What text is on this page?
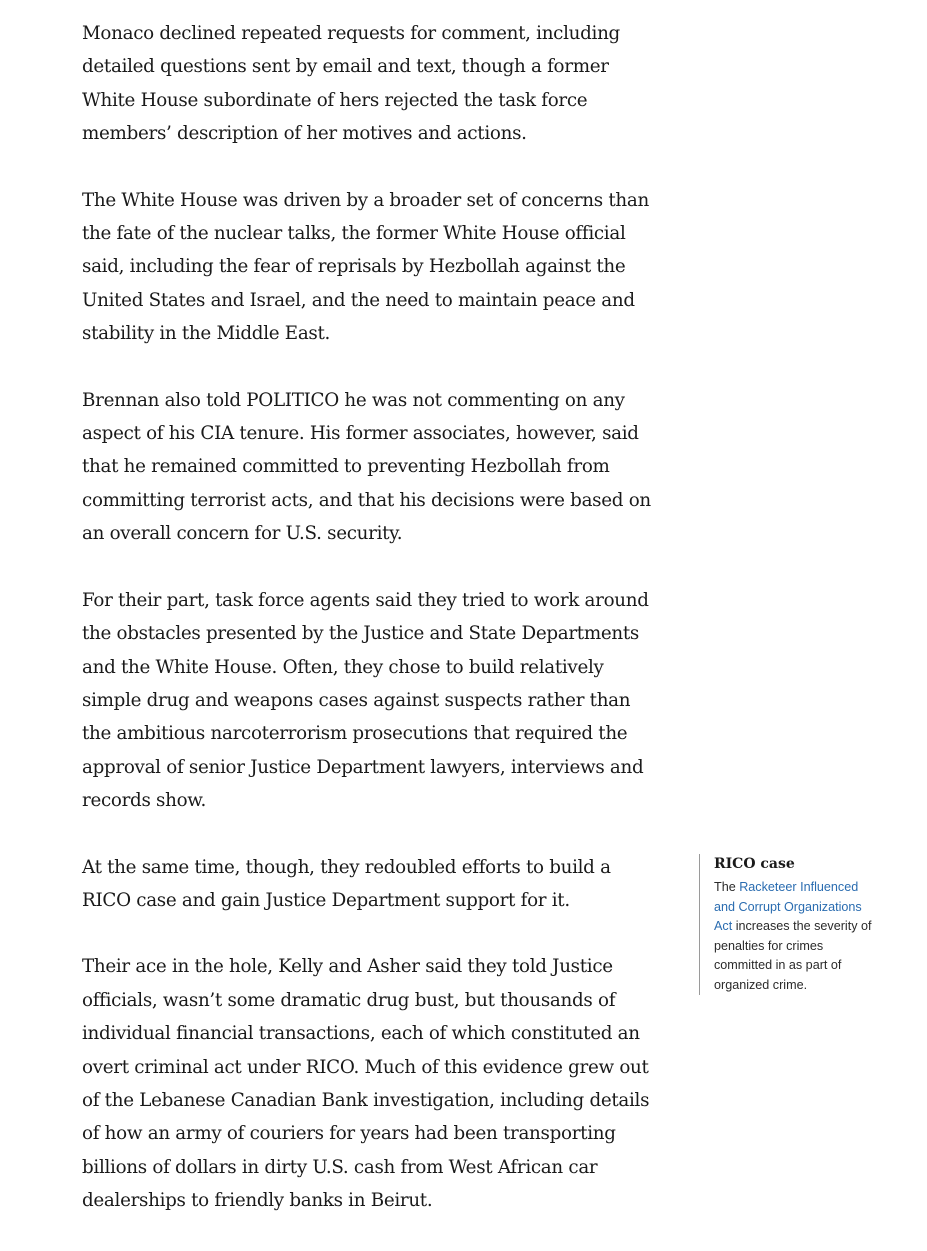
Monaco declined repeated requests for comment, including detailed questions sent by email and text, though a former White House subordinate of hers rejected the task force members’ description of her motives and actions.

The White House was driven by a broader set of concerns than the fate of the nuclear talks, the former White House official said, including the fear of reprisals by Hezbollah against the United States and Israel, and the need to maintain peace and stability in the Middle East.

Brennan also told POLITICO he was not commenting on any aspect of his CIA tenure. His former associates, however, said that he remained committed to preventing Hezbollah from committing terrorist acts, and that his decisions were based on an overall concern for U.S. security.

For their part, task force agents said they tried to work around the obstacles presented by the Justice and State Departments and the White House. Often, they chose to build relatively simple drug and weapons cases against suspects rather than the ambitious narcoterrorism prosecutions that required the approval of senior Justice Department lawyers, interviews and records show.

At the same time, though, they redoubled efforts to build a RICO case and gain Justice Department support for it.

Their ace in the hole, Kelly and Asher said they told Justice officials, wasn’t some dramatic drug bust, but thousands of individual financial transactions, each of which constituted an overt criminal act under RICO. Much of this evidence grew out of the Lebanese Canadian Bank investigation, including details of how an army of couriers for years had been transporting billions of dollars in dirty U.S. cash from West African car dealerships to friendly banks in Beirut.

RICO case

The Racketeer Influenced and Corrupt Organizations Act increases the severity of penalties for crimes committed in as part of organized crime.
